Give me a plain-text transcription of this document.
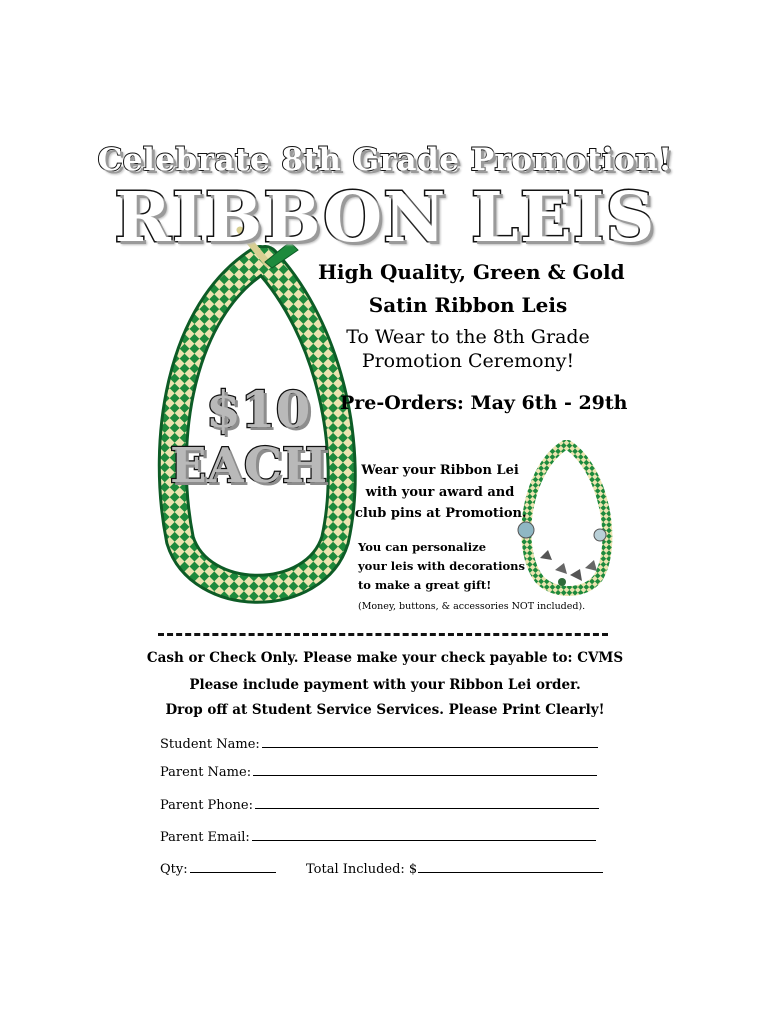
Celebrate 8th Grade Promotion!
RIBBON LEIS
High Quality, Green & Gold
Satin Ribbon Leis
To Wear to the 8th Grade
Promotion Ceremony!
Pre-Orders: May 6th - 29th
$10
EACH	Wear your Ribbon Lei
with your award and
club pins at Promotion.
You can personalize
your leis with decorations
to make a great gift!
(Money, buttons, & accessories NOT included).
Cash or Check Only. Please make your check payable to: CVMS
Please include payment with your Ribbon Lei order.
Drop off at Student Service Services. Please Print Clearly!
Student Name:
Parent Name:
Parent Phone:
Parent Email:
Qty:	Total Included: $
